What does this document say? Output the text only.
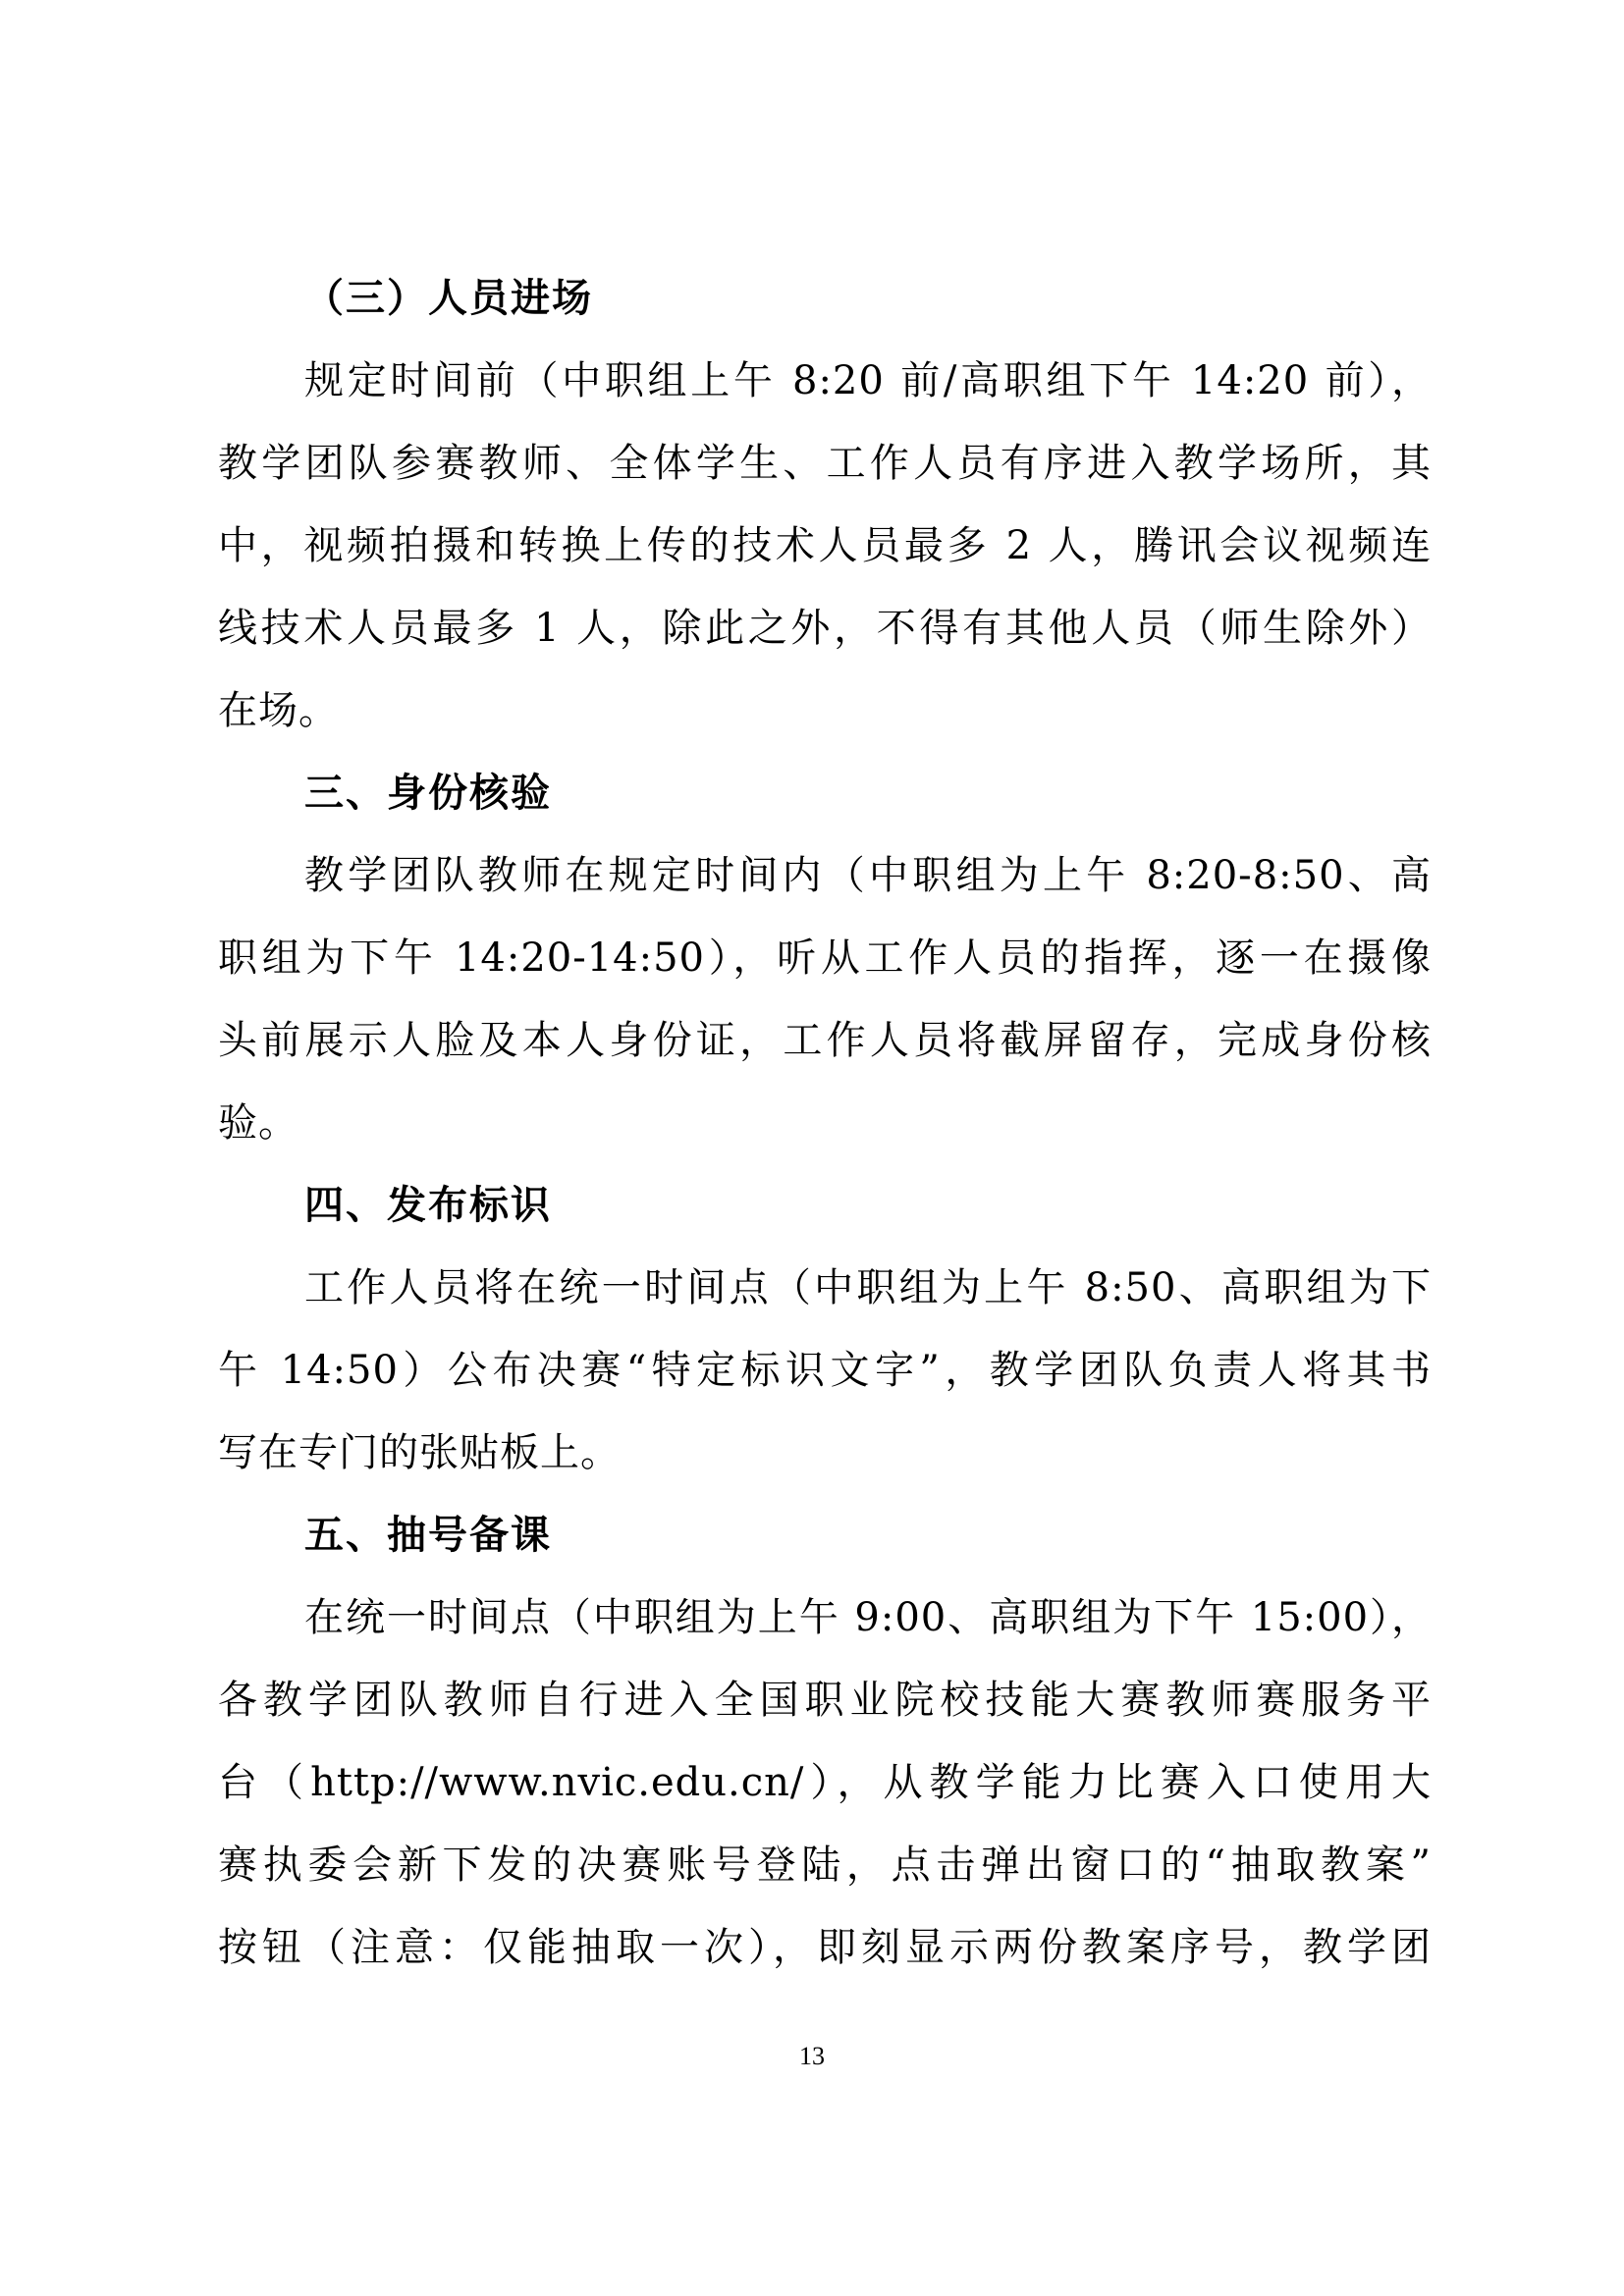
（三）人员进场
规定时间前（中职组上午 8:20 前/高职组下午 14:20 前），
教学团队参赛教师、全体学生、工作人员有序进入教学场所，其
中，视频拍摄和转换上传的技术人员最多 2 人，腾讯会议视频连
线技术人员最多 1 人，除此之外，不得有其他人员（师生除外）
在场。
三、身份核验
教学团队教师在规定时间内（中职组为上午 8:20-8:50、高
职组为下午 14:20-14:50），听从工作人员的指挥，逐一在摄像
头前展示人脸及本人身份证，工作人员将截屏留存，完成身份核
验。
四、发布标识
工作人员将在统一时间点（中职组为上午 8:50、高职组为下
午 14:50）公布决赛“特定标识文字”，教学团队负责人将其书
写在专门的张贴板上。
五、抽号备课
在统一时间点（中职组为上午 9:00、高职组为下午 15:00），
各教学团队教师自行进入全国职业院校技能大赛教师赛服务平
台（http://www.nvic.edu.cn/），从教学能力比赛入口使用大
赛执委会新下发的决赛账号登陆，点击弹出窗口的“抽取教案”
按钮（注意：仅能抽取一次），即刻显示两份教案序号，教学团
13
